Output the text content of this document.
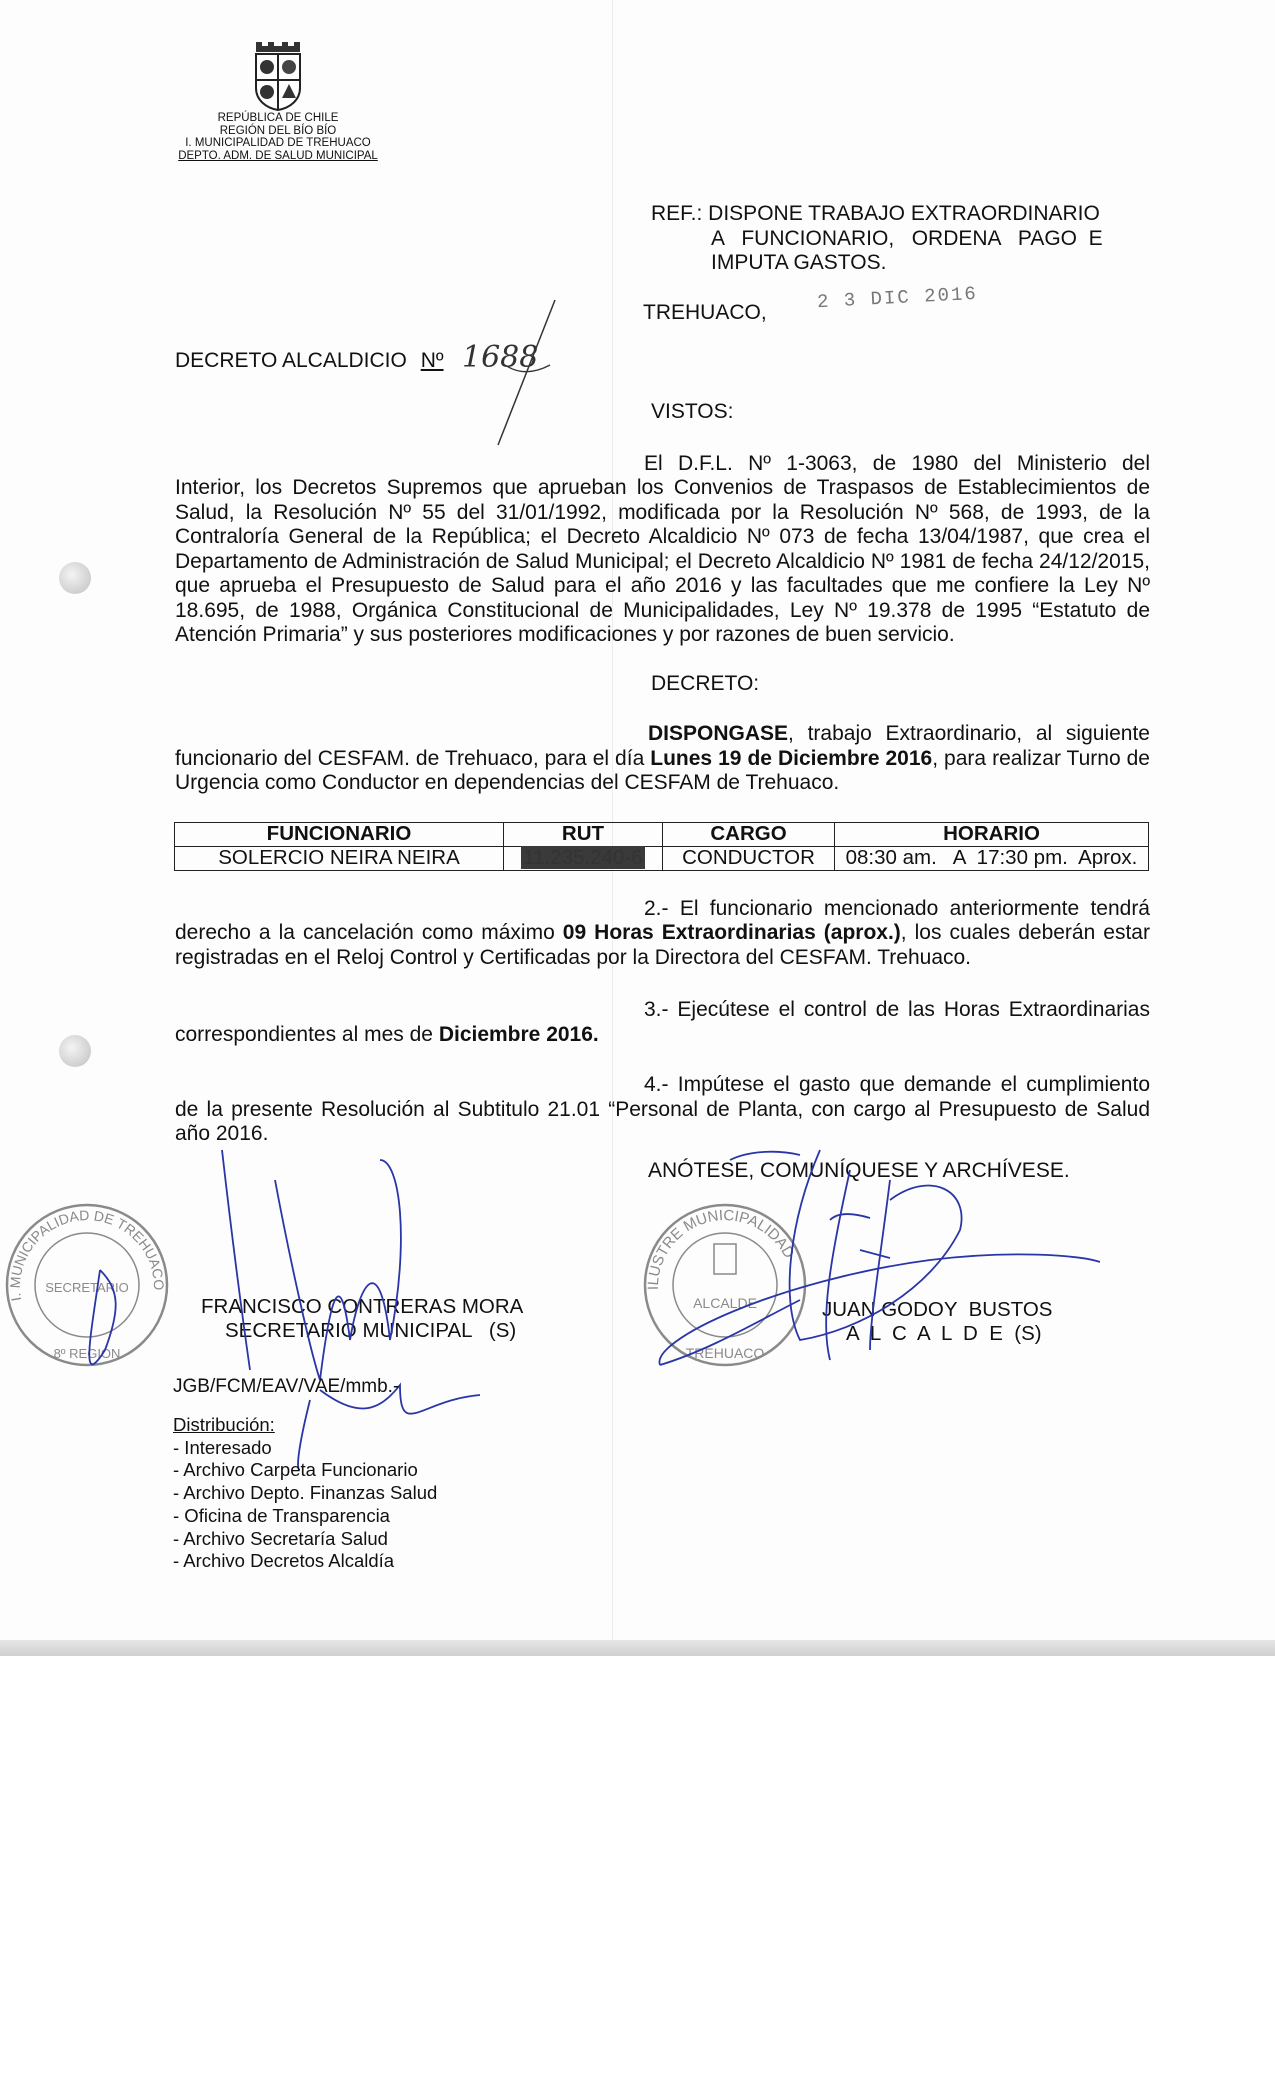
REPÚBLICA DE CHILE
REGIÓN DEL BÍO BÍO
I. MUNICIPALIDAD DE TREHUACO
DEPTO. ADM. DE SALUD MUNICIPAL
REF.: DISPONE TRABAJO EXTRAORDINARIO
A   FUNCIONARIO,   ORDENA   PAGO  E
IMPUTA GASTOS.
TREHUACO,	2 3 DIC 2016
DECRETO ALCALDICIO Nº 1688
VISTOS:
El D.F.L. Nº 1-3063, de 1980 del Ministerio del Interior, los Decretos Supremos que aprueban los Convenios de Traspasos de Establecimientos de Salud, la Resolución Nº 55 del 31/01/1992, modificada por la Resolución Nº 568, de 1993, de la Contraloría General de la República; el Decreto Alcaldicio Nº 073 de fecha 13/04/1987, que crea el Departamento de Administración de Salud Municipal; el Decreto Alcaldicio Nº 1981 de fecha 24/12/2015, que aprueba el Presupuesto de Salud para el año 2016 y las facultades que me confiere la Ley Nº 18.695, de 1988, Orgánica Constitucional de Municipalidades, Ley Nº 19.378 de 1995 “Estatuto de Atención Primaria” y sus posteriores modificaciones y por razones de buen servicio.
DECRETO:
DISPONGASE, trabajo Extraordinario, al siguiente funcionario del CESFAM. de Trehuaco, para el día Lunes 19 de Diciembre 2016, para realizar Turno de Urgencia como Conductor en dependencias del CESFAM de Trehuaco.
FUNCIONARIO	RUT	CARGO	HORARIO
SOLERCIO NEIRA NEIRA	11.235.240-6	CONDUCTOR	08:30 am.   A  17:30 pm.  Aprox.
2.- El funcionario mencionado anteriormente tendrá derecho a la cancelación como máximo 09 Horas Extraordinarias (aprox.), los cuales deberán estar registradas en el Reloj Control y Certificadas por la Directora del CESFAM. Trehuaco.
3.- Ejecútese el control de las Horas Extraordinarias correspondientes al mes de Diciembre 2016.
4.- Impútese el gasto que demande el cumplimiento de la presente Resolución al Subtitulo 21.01 “Personal de Planta, con cargo al Presupuesto de Salud año 2016.
ANÓTESE, COMUNÍQUESE Y ARCHÍVESE.
I. MUNICIPALIDAD DE TREHUACO
SECRETARIO
8º REGIÓN
ILUSTRE MUNICIPALIDAD
ALCALDE
TREHUACO
FRANCISCO CONTRERAS MORA
SECRETARIO MUNICIPAL   (S)
JUAN GODOY  BUSTOS
A  L  C  A  L  D  E  (S)
JGB/FCM/EAV/VAE/mmb.-
Distribución:
- Interesado
- Archivo Carpeta Funcionario
- Archivo Depto. Finanzas Salud
- Oficina de Transparencia
- Archivo Secretaría Salud
- Archivo Decretos Alcaldía
